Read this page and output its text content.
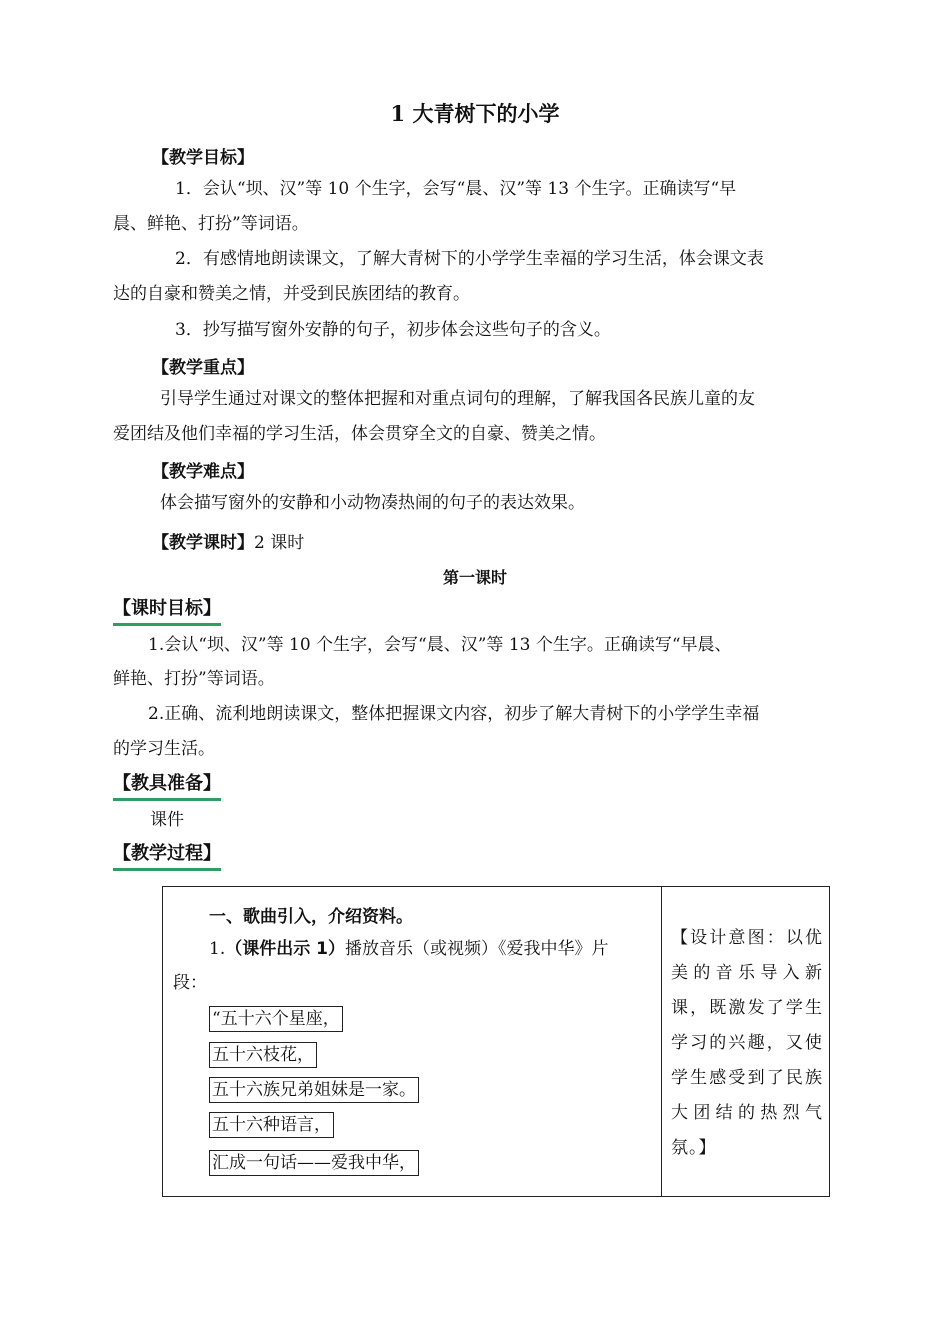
1 大青树下的小学
【教学目标】
1．会认“坝、汉”等 10 个生字，会写“晨、汉”等 13 个生字。正确读写“早
晨、鲜艳、打扮”等词语。
2．有感情地朗读课文，了解大青树下的小学学生幸福的学习生活，体会课文表
达的自豪和赞美之情，并受到民族团结的教育。
3．抄写描写窗外安静的句子，初步体会这些句子的含义。
【教学重点】
引导学生通过对课文的整体把握和对重点词句的理解，了解我国各民族儿童的友
爱团结及他们幸福的学习生活，体会贯穿全文的自豪、赞美之情。
【教学难点】
体会描写窗外的安静和小动物凑热闹的句子的表达效果。
【教学课时】2 课时
第一课时
【课时目标】
1.会认“坝、汉”等 10 个生字，会写“晨、汉”等 13 个生字。正确读写“早晨、
鲜艳、打扮”等词语。
2.正确、流利地朗读课文，整体把握课文内容，初步了解大青树下的小学学生幸福
的学习生活。
【教具准备】
课件
【教学过程】
一、歌曲引入，介绍资料。
1.（课件出示 1）播放音乐（或视频）《爱我中华》片
段：
“五十六个星座，
五十六枝花，
五十六族兄弟姐妹是一家。
五十六种语言，
汇成一句话——爱我中华，
【设计意图：以优美的音乐导入新课，既激发了学生学习的兴趣，又使学生感受到了民族大团结的热烈气氛。】
